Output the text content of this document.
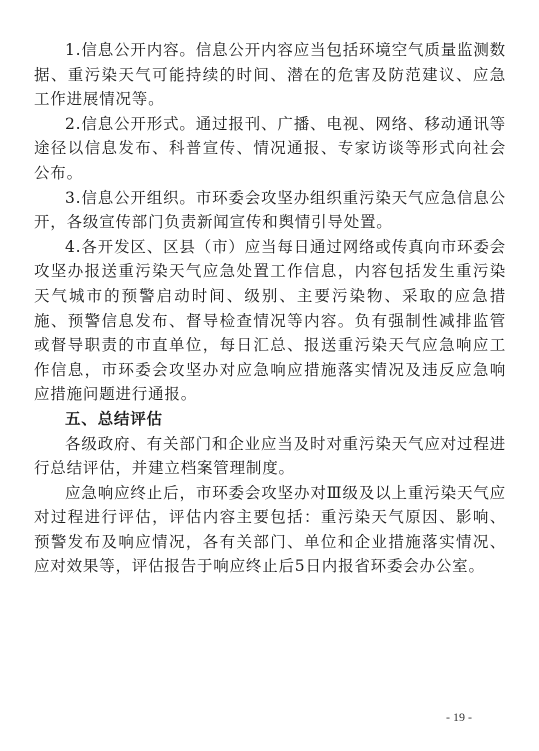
1.信息公开内容。信息公开内容应当包括环境空气质量监测数据、重污染天气可能持续的时间、潜在的危害及防范建议、应急工作进展情况等。

2.信息公开形式。通过报刊、广播、电视、网络、移动通讯等途径以信息发布、科普宣传、情况通报、专家访谈等形式向社会公布。

3.信息公开组织。市环委会攻坚办组织重污染天气应急信息公开，各级宣传部门负责新闻宣传和舆情引导处置。

4.各开发区、区县（市）应当每日通过网络或传真向市环委会攻坚办报送重污染天气应急处置工作信息，内容包括发生重污染天气城市的预警启动时间、级别、主要污染物、采取的应急措施、预警信息发布、督导检查情况等内容。负有强制性减排监管或督导职责的市直单位，每日汇总、报送重污染天气应急响应工作信息，市环委会攻坚办对应急响应措施落实情况及违反应急响应措施问题进行通报。

五、总结评估

各级政府、有关部门和企业应当及时对重污染天气应对过程进行总结评估，并建立档案管理制度。

应急响应终止后，市环委会攻坚办对Ⅲ级及以上重污染天气应对过程进行评估，评估内容主要包括：重污染天气原因、影响、预警发布及响应情况，各有关部门、单位和企业措施落实情况、应对效果等，评估报告于响应终止后5日内报省环委会办公室。

- 19 -
